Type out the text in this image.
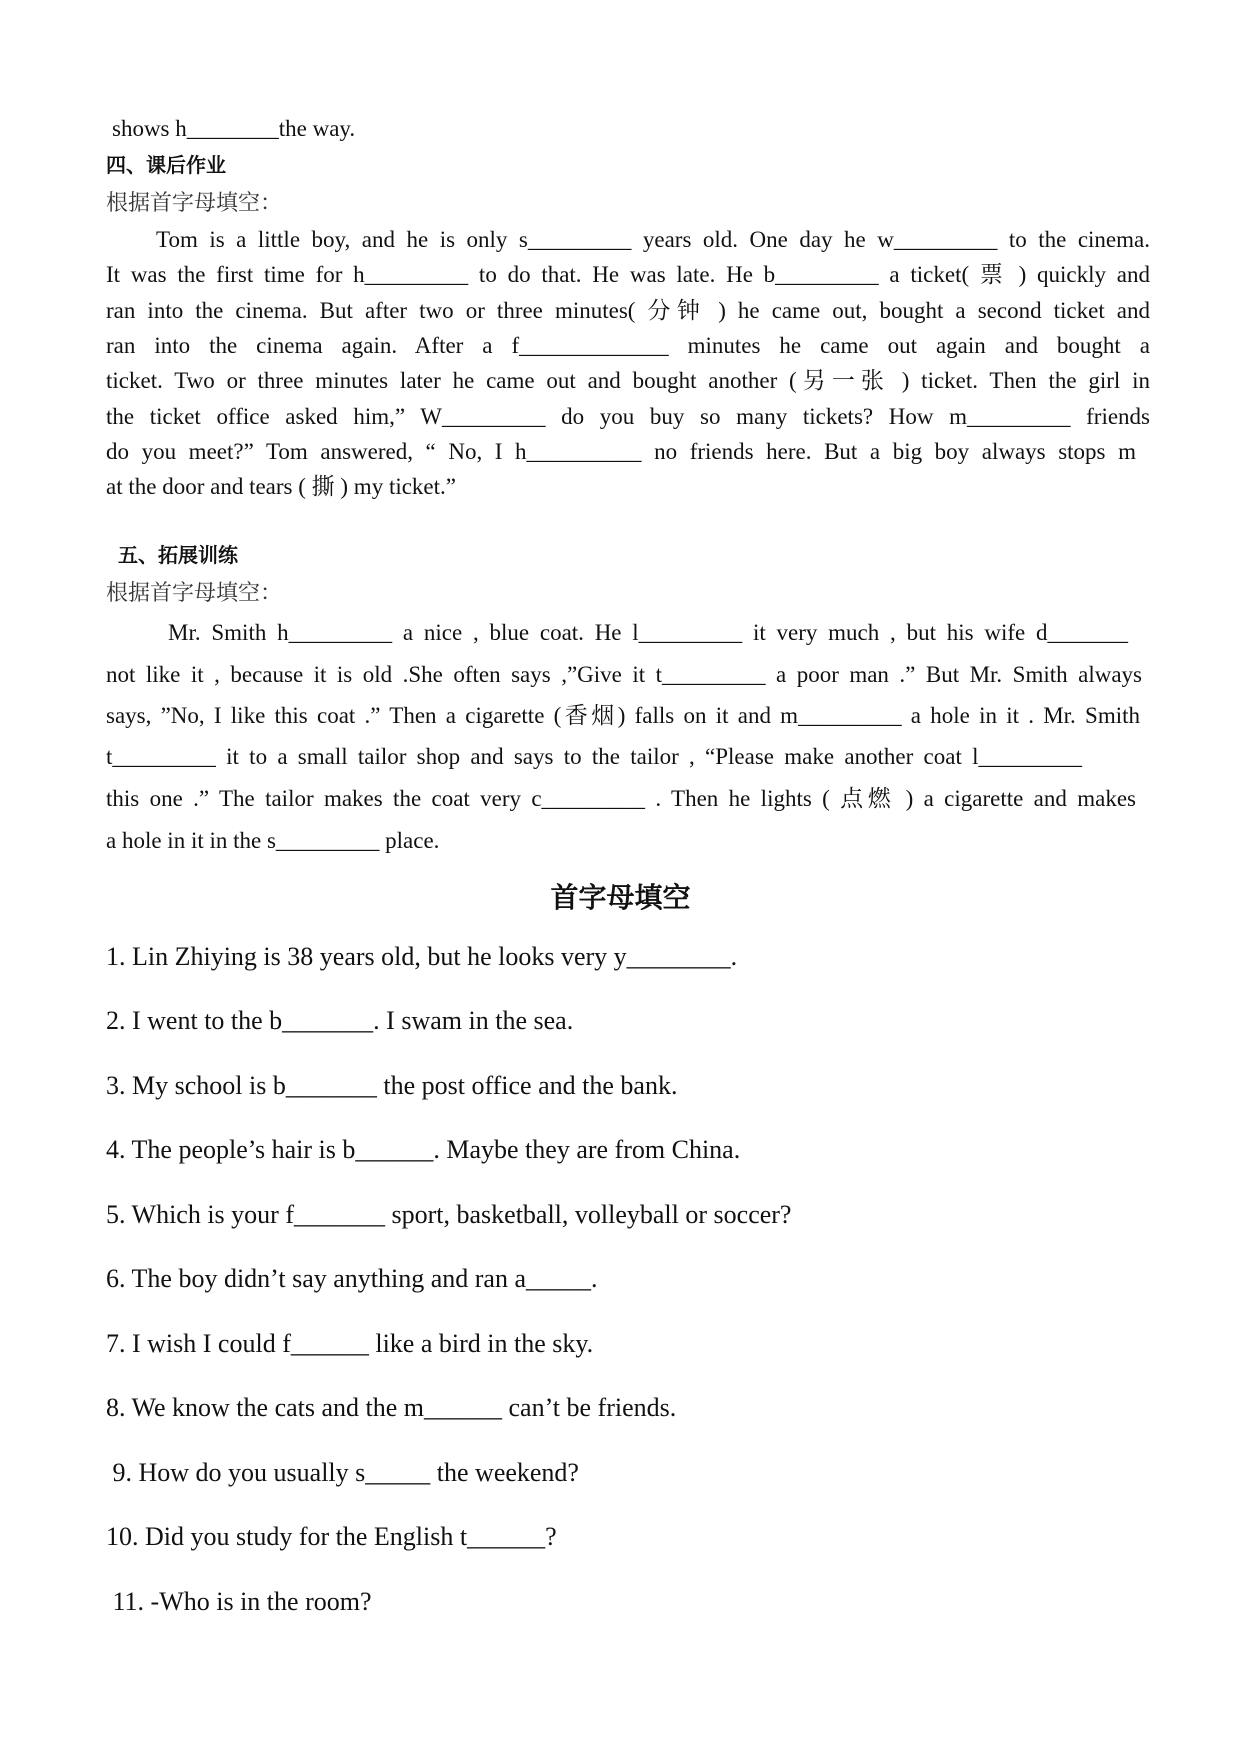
shows h________the way.
四、课后作业
根据首字母填空：
Tom is a little boy, and he is only s_________ years old. One day he w_________ to the cinema.
It was the first time for h_________ to do that. He was late. He b_________ a ticket( 票 ) quickly and
ran into the cinema. But after two or three minutes( 分钟 ) he came out, bought a second ticket and
ran into the cinema again. After a f_____________ minutes he came out again and bought a
ticket. Two or three minutes later he came out and bought another (另一张 ) ticket. Then the girl in
the ticket office asked him,” W_________ do you buy so many tickets? How m_________ friends
do you meet?” Tom answered, “ No, I h__________ no friends here. But a big boy always stops m
at the door and tears ( 撕 ) my ticket.”
五、拓展训练
根据首字母填空：
Mr. Smith h_________ a nice , blue coat. He l_________ it very much , but his wife d_______
not like it , because it is old .She often says ,”Give it t_________ a poor man .” But Mr. Smith always
says, ”No, I like this coat .” Then a cigarette (香烟) falls on it and m_________ a hole in it . Mr. Smith
t_________ it to a small tailor shop and says to the tailor , “Please make another coat l_________
this one .” The tailor makes the coat very c_________ . Then he lights ( 点燃 ) a cigarette and makes
a hole in it in the s_________ place.
首字母填空
1. Lin Zhiying is 38 years old, but he looks very y________.
2. I went to the b_______. I swam in the sea.
3. My school is b_______ the post office and the bank.
4. The people’s hair is b______. Maybe they are from China.
5. Which is your f_______ sport, basketball, volleyball or soccer?
6. The boy didn’t say anything and ran a_____.
7. I wish I could f______ like a bird in the sky.
8. We know the cats and the m______ can’t be friends.
9. How do you usually s_____ the weekend?
10. Did you study for the English t______?
11. -Who is in the room?
